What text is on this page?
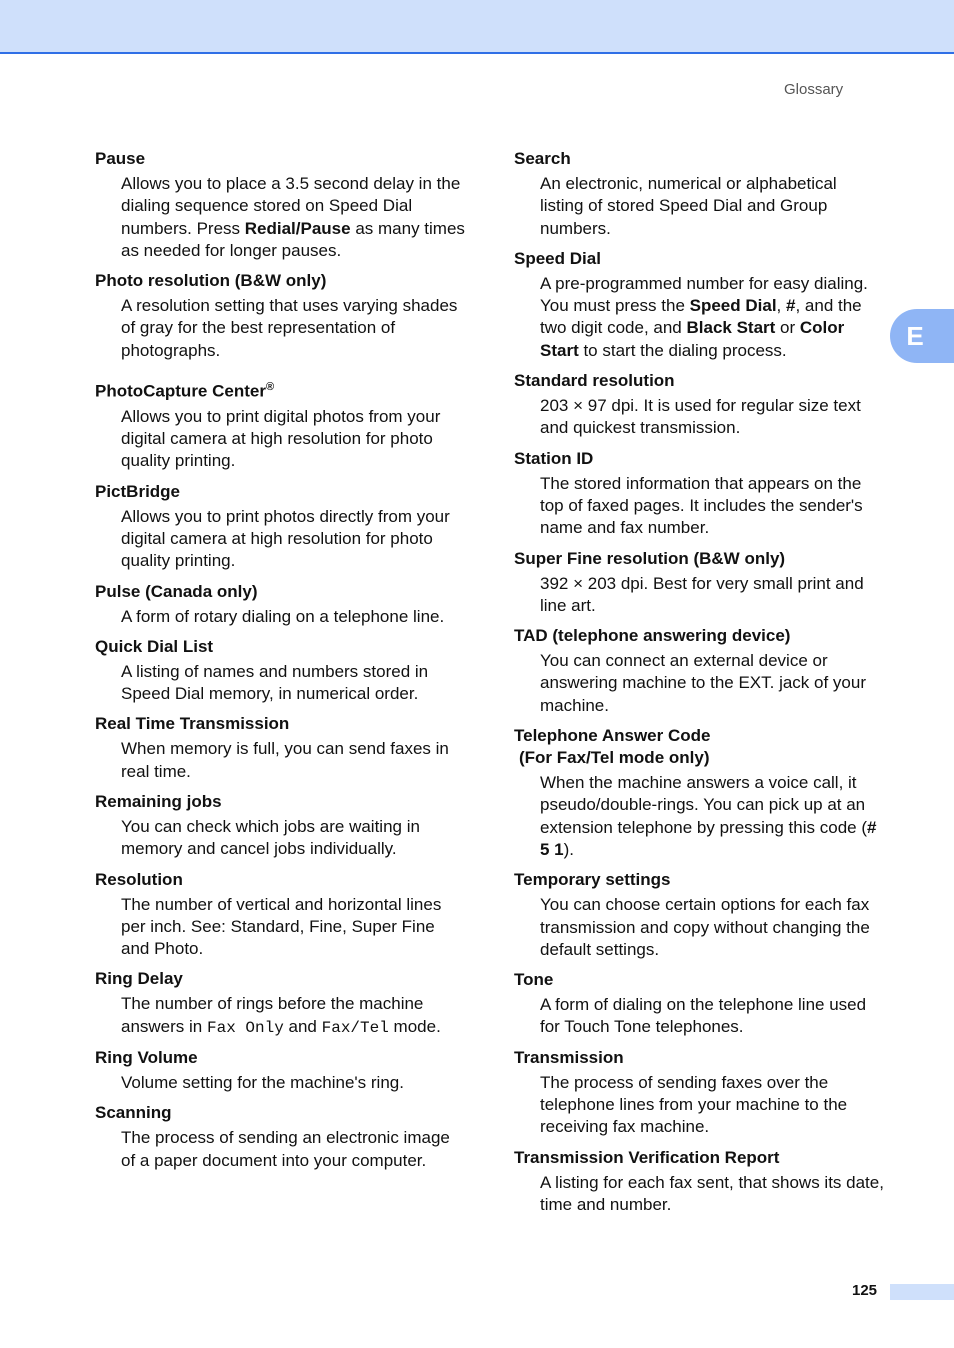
Glossary
E

Pause

Allows you to place a 3.5 second delay in the dialing sequence stored on Speed Dial numbers. Press Redial/Pause as many times as needed for longer pauses.

Photo resolution (B&W only)

A resolution setting that uses varying shades of gray for the best representation of photographs.

PhotoCapture Center®

Allows you to print digital photos from your digital camera at high resolution for photo quality printing.

PictBridge

Allows you to print photos directly from your digital camera at high resolution for photo quality printing.

Pulse (Canada only)

A form of rotary dialing on a telephone line.

Quick Dial List

A listing of names and numbers stored in Speed Dial memory, in numerical order.

Real Time Transmission

When memory is full, you can send faxes in real time.

Remaining jobs

You can check which jobs are waiting in memory and cancel jobs individually.

Resolution

The number of vertical and horizontal lines per inch. See: Standard, Fine, Super Fine and Photo.

Ring Delay

The number of rings before the machine answers in Fax Only and Fax/Tel mode.

Ring Volume

Volume setting for the machine's ring.

Scanning

The process of sending an electronic image of a paper document into your computer.

Search

An electronic, numerical or alphabetical listing of stored Speed Dial and Group numbers.

Speed Dial

A pre-programmed number for easy dialing. You must press the Speed Dial, #, and the two digit code, and Black Start or Color Start to start the dialing process.

Standard resolution

203 × 97 dpi. It is used for regular size text and quickest transmission.

Station ID

The stored information that appears on the top of faxed pages. It includes the sender's name and fax number.

Super Fine resolution (B&W only)

392 × 203 dpi. Best for very small print and line art.

TAD (telephone answering device)

You can connect an external device or answering machine to the EXT. jack of your machine.

Telephone Answer Code

(For Fax/Tel mode only)

When the machine answers a voice call, it pseudo/double-rings. You can pick up at an extension telephone by pressing this code (# 5 1).

Temporary settings

You can choose certain options for each fax transmission and copy without changing the default settings.

Tone

A form of dialing on the telephone line used for Touch Tone telephones.

Transmission

The process of sending faxes over the telephone lines from your machine to the receiving fax machine.

Transmission Verification Report

A listing for each fax sent, that shows its date, time and number.

125
